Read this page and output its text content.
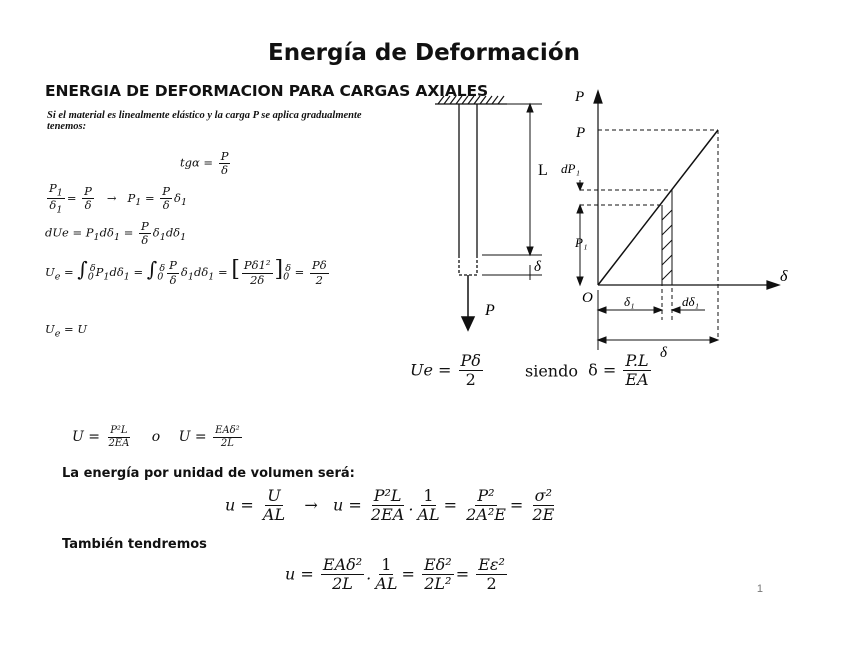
Energía de Deformación
ENERGIA DE DEFORMACION PARA CARGAS AXIALES
Si el material es linealmente elástico y la carga P se aplica gradualmente tenemos:
$tg\alpha = \frac{P}{\delta}$
$\frac{P_1}{\delta_1} = \frac{P}{\delta} \to P_1 = \frac{P}{\delta} \delta_1$
dUe = $P_1d\delta_1 = \frac{P}{\delta} \delta_1d\delta_1$
$U_e = \int_0^\delta P_1d\delta_1 = \int_0^\delta \frac{P}{\delta} \delta_1d\delta_1$ = [ $\frac{\text{Pδ1²}}{2\delta} ]_0^\delta = \frac{P\delta}{2}$
$U_e = U$
L
P
δ
P
P
dP₁
P₁
O δ₁	dδ₁
δ
δ
$Ue = \frac{P\delta}{2}$	siendo  $\delta = \frac{P.L}{EA}$
$U = \frac{\text{P²L}}{2EA}$ o $U = \frac{\text{EAδ²}}{2L}$
La energía por unidad de volumen será:
$u = \frac{U}{AL} \to u = \frac{\text{P²L}}{2EA}$ . $\frac{1}{AL} = \frac{\text{P²}}{\text{2A²E}} = \frac{\text{σ²}}{2E}$
También tendremos
$u = \frac{\text{EAδ²}}{2L}$ . $\frac{1}{AL} = \frac{\text{Eδ²}}{\text{2L²}} = \frac{\text{Eε²}}{2}$	1
